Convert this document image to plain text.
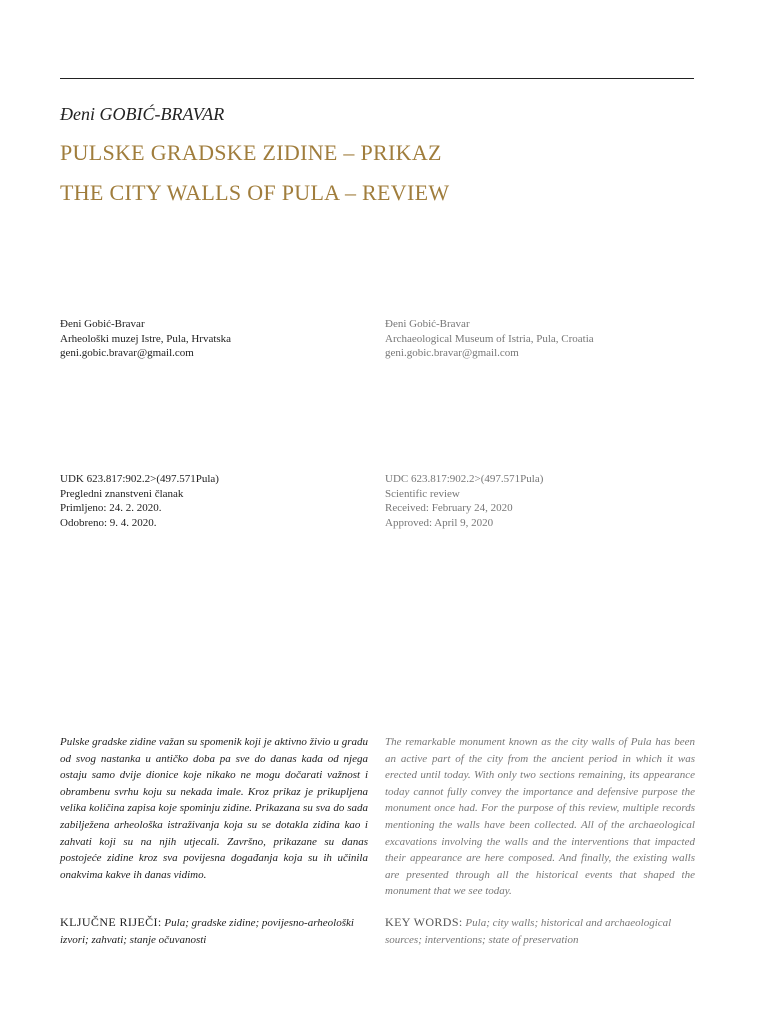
Đeni GOBIĆ-BRAVAR
PULSKE GRADSKE ZIDINE – PRIKAZ
THE CITY WALLS OF PULA – REVIEW
Đeni Gobić-Bravar
Arheološki muzej Istre, Pula, Hrvatska
geni.gobic.bravar@gmail.com
Đeni Gobić-Bravar
Archaeological Museum of Istria, Pula, Croatia
geni.gobic.bravar@gmail.com
UDK 623.817:902.2>(497.571Pula)
Pregledni znanstveni članak
Primljeno: 24. 2. 2020.
Odobreno: 9. 4. 2020.
UDC 623.817:902.2>(497.571Pula)
Scientific review
Received: February 24, 2020
Approved: April 9, 2020
Pulske gradske zidine važan su spomenik koji je aktivno živio u gradu od svog nastanka u antičko doba pa sve do danas kada od njega ostaju samo dvije dionice koje nikako ne mogu dočarati važnost i obrambenu svrhu koju su nekada imale. Kroz prikaz je prikupljena velika količina zapisa koje spominju zidine. Prikazana su sva do sada zabilježena arheološka istraživanja koja su se dotakla zidina kao i zahvati koji su na njih utjecali. Završno, prikazane su danas postojeće zidine kroz sva povijesna događanja koja su ih učinila onakvima kakve ih danas vidimo.
The remarkable monument known as the city walls of Pula has been an active part of the city from the ancient period in which it was erected until today. With only two sections remaining, its appearance today cannot fully convey the importance and defensive purpose the monument once had. For the purpose of this review, multiple records mentioning the walls have been collected. All of the archaeological excavations involving the walls and the interventions that impacted their appearance are here composed. And finally, the existing walls are presented through all the historical events that shaped the monument that we see today.
KLJUČNE RIJEČI: Pula; gradske zidine; povijesno-arheološki izvori; zahvati; stanje očuvanosti
KEY WORDS: Pula; city walls; historical and archaeological sources; interventions; state of preservation
